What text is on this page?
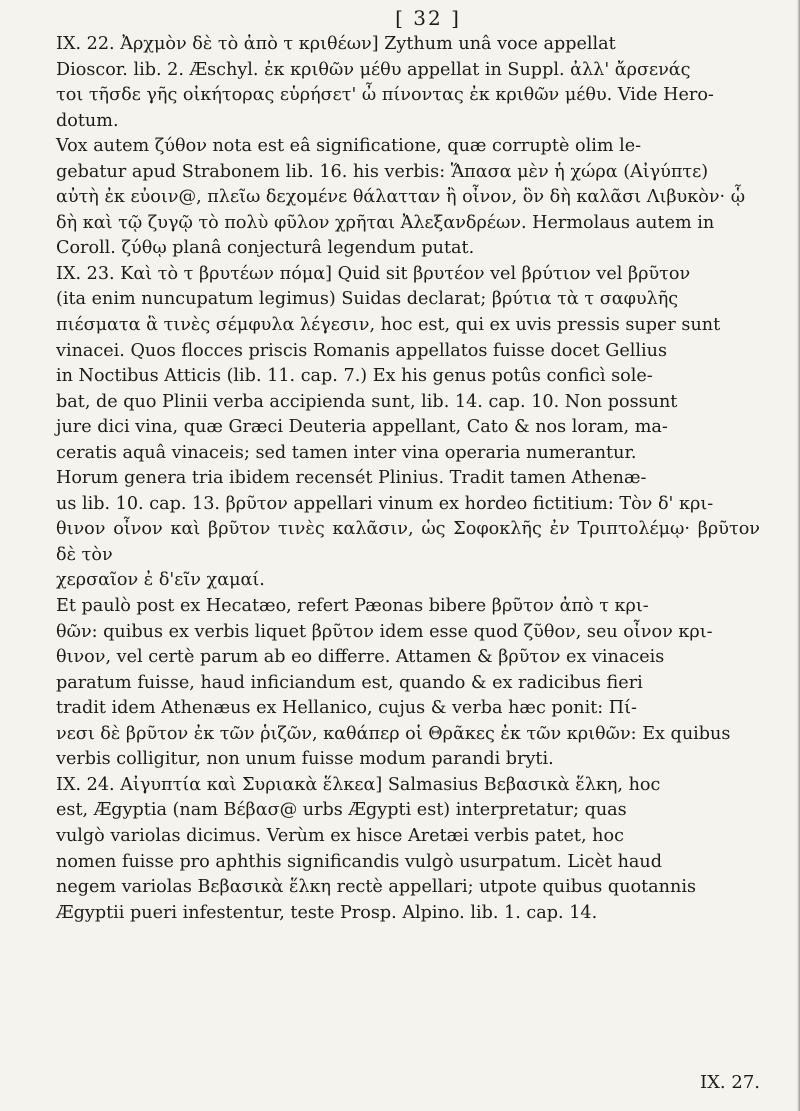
[ 32 ]

IX. 22. Ἀρχμὸν δὲ τὸ ἀπὸ τ κριθέων] Zythum unâ voce appellat

Dioscor. lib. 2. Æschyl. ἐκ κριθῶν μέθυ appellat in Suppl. ἀλλ' ἄρσενάς

τοι τῆσδε γῆς οἰκήτορας εὑρήσετ' ὦ πίνοντας ἐκ κριθῶν μέθυ. Vide Hero-

dotum.

Vox autem ζύθον nota est eâ significatione, quæ corruptè olim le-

gebatur apud Strabonem lib. 16. his verbis: Ἅπασα μὲν ἡ χώρα (Αἰγύπτε)

αὐτὴ ἐκ εὐοιν@, πλεῖω δεχομένε θάλατταν ἢ οἶνον, ὃν δὴ καλᾶσι Λιβυκὸν· ᾧ

δὴ καὶ τῷ ζυγῷ τὸ πολὺ φῦλον χρῆται Ἀλεξανδρέων. Hermolaus autem in

Coroll. ζύθῳ planâ conjecturâ legendum putat.

IX. 23. Καὶ τὸ τ βρυτέων πόμα] Quid sit βρυτέον vel βρύτιον vel βρῦτον

(ita enim nuncupatum legimus) Suidas declarat; βρύτια τὰ τ σαφυλῆς

πιέσματα ἃ τινὲς σέμφυλα λέγεσιν, hoc est, qui ex uvis pressis super sunt

vinacei. Quos flocces priscis Romanis appellatos fuisse docet Gellius

in Noctibus Atticis (lib. 11. cap. 7.) Ex his genus potûs conficì sole-

bat, de quo Plinii verba accipienda sunt, lib. 14. cap. 10. Non possunt

jure dici vina, quæ Græci Deuteria appellant, Cato & nos loram, ma-

ceratis aquâ vinaceis; sed tamen inter vina operaria numerantur.

Horum genera tria ibidem recensét Plinius. Tradit tamen Athenæ-

us lib. 10. cap. 13. βρῦτον appellari vinum ex hordeo fictitium: Τὸν δ' κρι-

θινον οἶνον καὶ βρῦτον τινὲς καλᾶσιν, ὡς Σοφοκλῆς ἐν Τριπτολέμῳ· βρῦτον δὲ τὸν

χερσαῖον ἐ δ'εῖν χαμαί.

Et paulò post ex Hecatæo, refert Pæonas bibere βρῦτον ἀπὸ τ κρι-

θῶν: quibus ex verbis liquet βρῦτον idem esse quod ζῦθον, seu οἶνον κρι-

θινον, vel certè parum ab eo differre. Attamen & βρῦτον ex vinaceis

paratum fuisse, haud inficiandum est, quando & ex radicibus fieri

tradit idem Athenæus ex Hellanico, cujus & verba hæc ponit: Πί-

νεσι δὲ βρῦτον ἐκ τῶν ῥιζῶν, καθάπερ οἱ Θρᾶκες ἐκ τῶν κριθῶν: Ex quibus

verbis colligitur, non unum fuisse modum parandi bryti.

IX. 24. Αἰγυπτία καὶ Συριακὰ ἕλκεα] Salmasius Βεβασικὰ ἕλκη, hoc

est, Ægyptia (nam Βέβασ@ urbs Ægypti est) interpretatur; quas

vulgò variolas dicimus. Verùm ex hisce Aretæi verbis patet, hoc

nomen fuisse pro aphthis significandis vulgò usurpatum. Licèt haud

negem variolas Βεβασικὰ ἕλκη rectè appellari; utpote quibus quotannis

Ægyptii pueri infestentur, teste Prosp. Alpino. lib. 1. cap. 14.

IX. 27.
